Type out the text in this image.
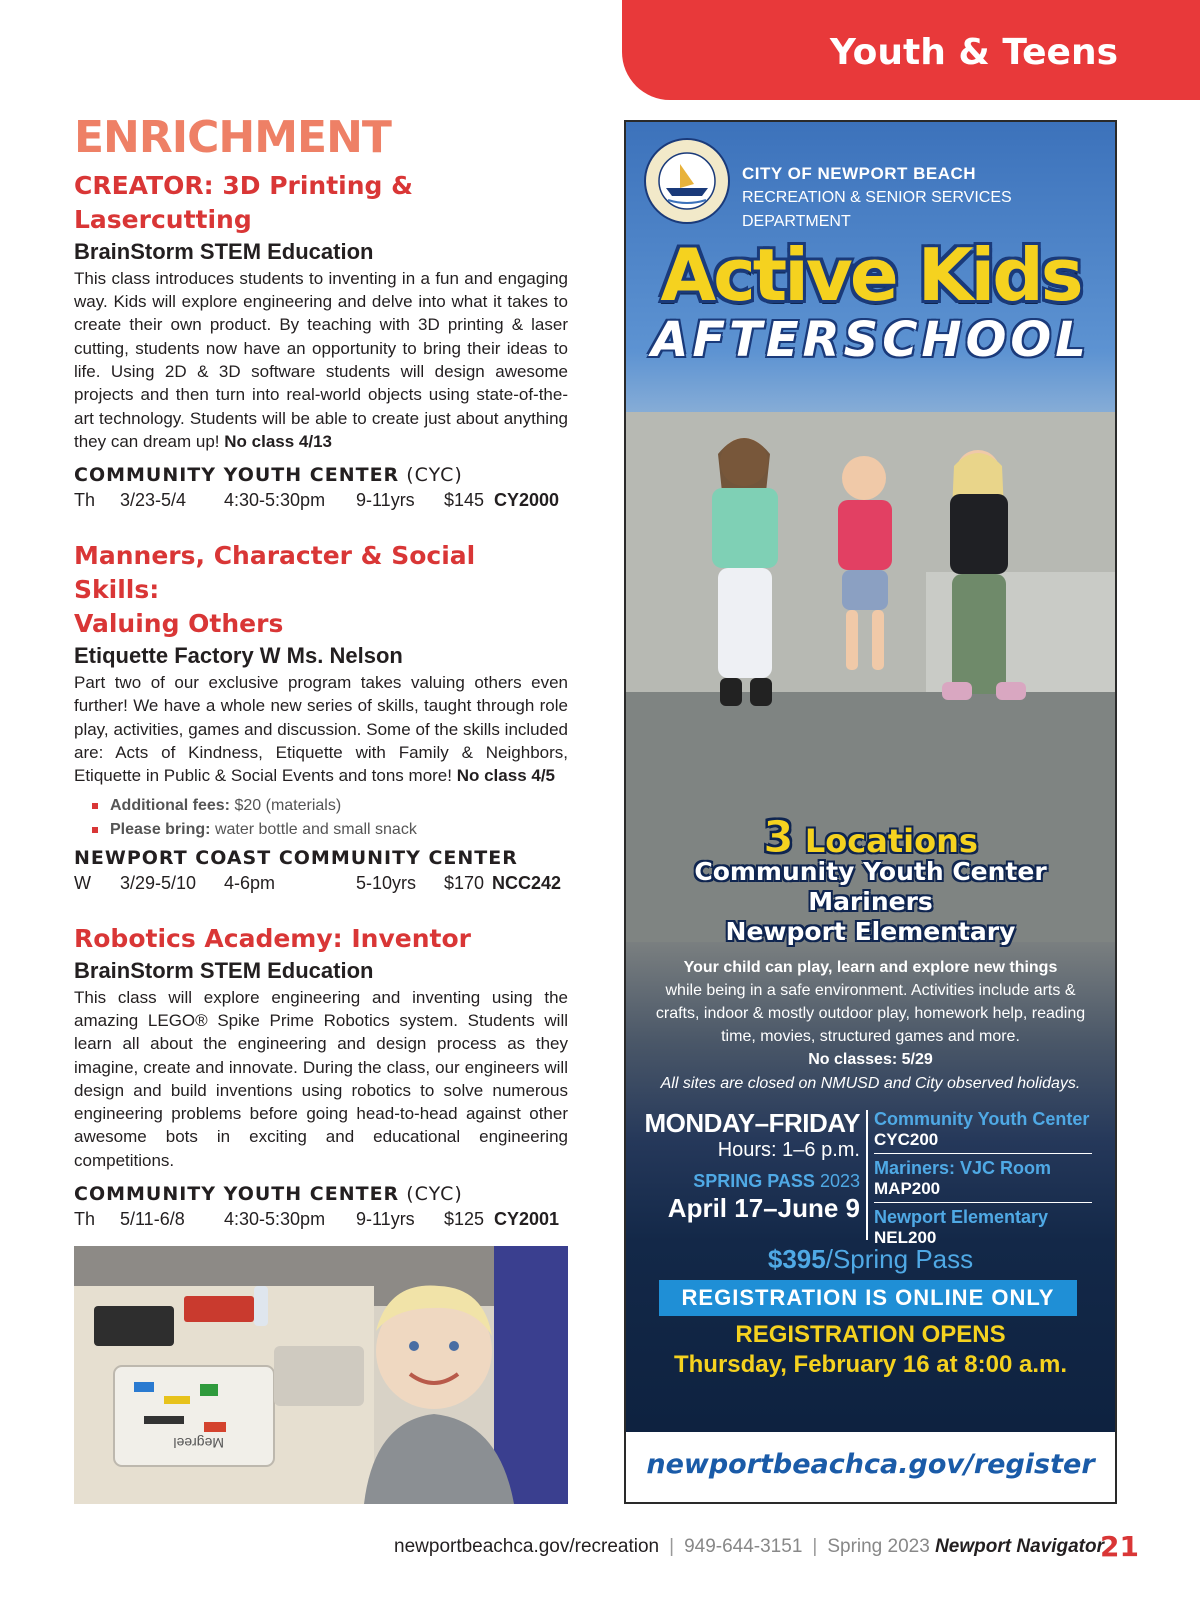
Youth & Teens
ENRICHMENT
CREATOR: 3D Printing & Lasercutting
BrainStorm STEM Education
This class introduces students to inventing in a fun and engaging way. Kids will explore engineering and delve into what it takes to create their own product. By teaching with 3D printing & laser cutting, students now have an opportunity to bring their ideas to life. Using 2D & 3D software students will design awesome projects and then turn into real-world objects using state-of-the-art technology. Students will be able to create just about anything they can dream up! No class 4/13
COMMUNITY YOUTH CENTER (CYC)
Th 3/23-5/4 4:30-5:30pm 9-11yrs $145 CY2000
Manners, Character & Social Skills:
Valuing Others
Etiquette Factory W Ms. Nelson
Part two of our exclusive program takes valuing others even further! We have a whole new series of skills, taught through role play, activities, games and discussion. Some of the skills included are: Acts of Kindness, Etiquette with Family & Neighbors, Etiquette in Public & Social Events and tons more! No class 4/5
Additional fees: $20 (materials)
Please bring: water bottle and small snack
NEWPORT COAST COMMUNITY CENTER
W 3/29-5/10 4-6pm	5-10yrs $170 NCC242
Robotics Academy: Inventor
BrainStorm STEM Education
This class will explore engineering and inventing using the amazing LEGO® Spike Prime Robotics system. Students will learn all about the engineering and design process as they imagine, create and innovate. During the class, our engineers will design and build inventions using robotics to solve numerous engineering problems before going head-to-head against other awesome bots in exciting and educational engineering competitions.
COMMUNITY YOUTH CENTER (CYC)
Th 5/11-6/8 4:30-5:30pm 9-11yrs $125 CY2001
Megreel
CITY OF NEWPORT BEACH
RECREATION & SENIOR SERVICES DEPARTMENT
Active Kids
AFTERSCHOOL
3 Locations
Community Youth Center
Mariners
Newport Elementary
Your child can play, learn and explore new things
while being in a safe environment. Activities include arts & crafts, indoor & mostly outdoor play, homework help, reading time, movies, structured games and more.
No classes: 5/29
All sites are closed on NMUSD and City observed holidays.
MONDAY–FRIDAY
Hours: 1–6 p.m.
SPRING PASS 2023
April 17–June 9
Community Youth Center
CYC200
Mariners: VJC Room
MAP200
Newport Elementary
NEL200
$395/Spring Pass
REGISTRATION IS ONLINE ONLY
REGISTRATION OPENS
Thursday, February 16 at 8:00 a.m.
newportbeachca.gov/register
newportbeachca.gov/recreation | 949-644-3151 | Spring 2023 Newport Navigator
21
